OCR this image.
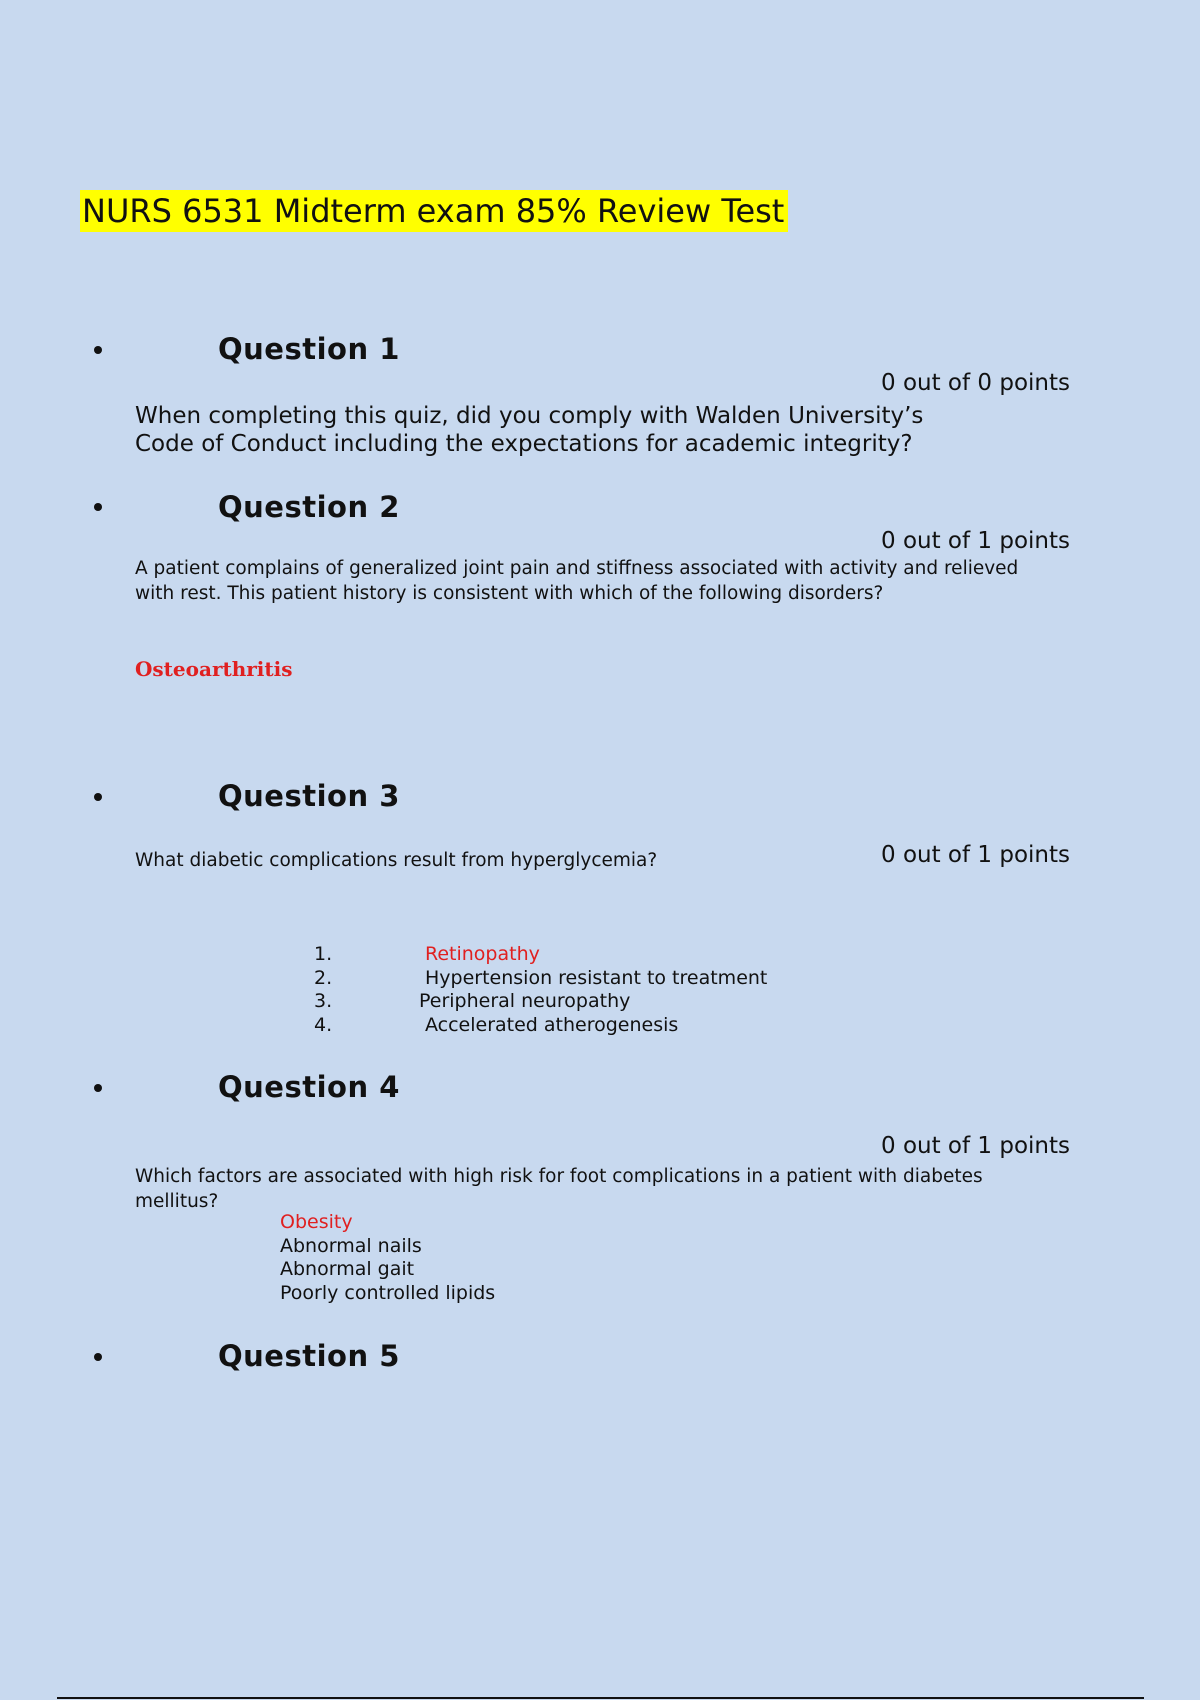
NURS 6531 Midterm exam 85% Review Test
Question 1
0 out of 0 points
When completing this quiz, did you comply with Walden University’s Code of Conduct including the expectations for academic integrity?
Question 2
0 out of 1 points
A patient complains of generalized joint pain and stiffness associated with activity and relieved with rest. This patient history is consistent with which of the following disorders?
Osteoarthritis
Question 3
What diabetic complications result from hyperglycemia?	0 out of 1 points
1.	Retinopathy
2.	Hypertension resistant to treatment
3.	Peripheral neuropathy
4.	Accelerated atherogenesis
Question 4
0 out of 1 points
Which factors are associated with high risk for foot complications in a patient with diabetes mellitus?
Obesity
Abnormal nails
Abnormal gait
Poorly controlled lipids
Question 5
